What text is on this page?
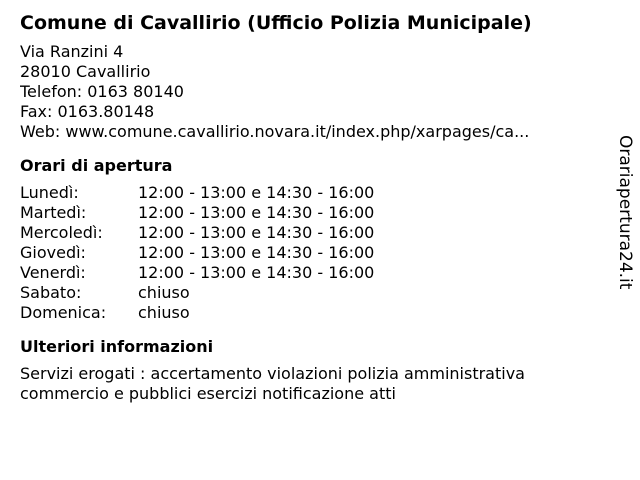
Comune di Cavallirio (Ufficio Polizia Municipale)
Via Ranzini 4
28010 Cavallirio
Telefon: 0163 80140
Fax: 0163.80148
Web: www.comune.cavallirio.novara.it/index.php/xarpages/ca...
Orari di apertura
Lunedì:	12:00 - 13:00 e 14:30 - 16:00
Martedì:	12:00 - 13:00 e 14:30 - 16:00
Mercoledì: 12:00 - 13:00 e 14:30 - 16:00
Giovedì:	12:00 - 13:00 e 14:30 - 16:00
Venerdì:	12:00 - 13:00 e 14:30 - 16:00
Sabato:	chiuso
Domenica: chiuso
Ulteriori informazioni
Servizi erogati : accertamento violazioni polizia amministrativa commercio e pubblici esercizi notificazione atti
Orariapertura24.it
